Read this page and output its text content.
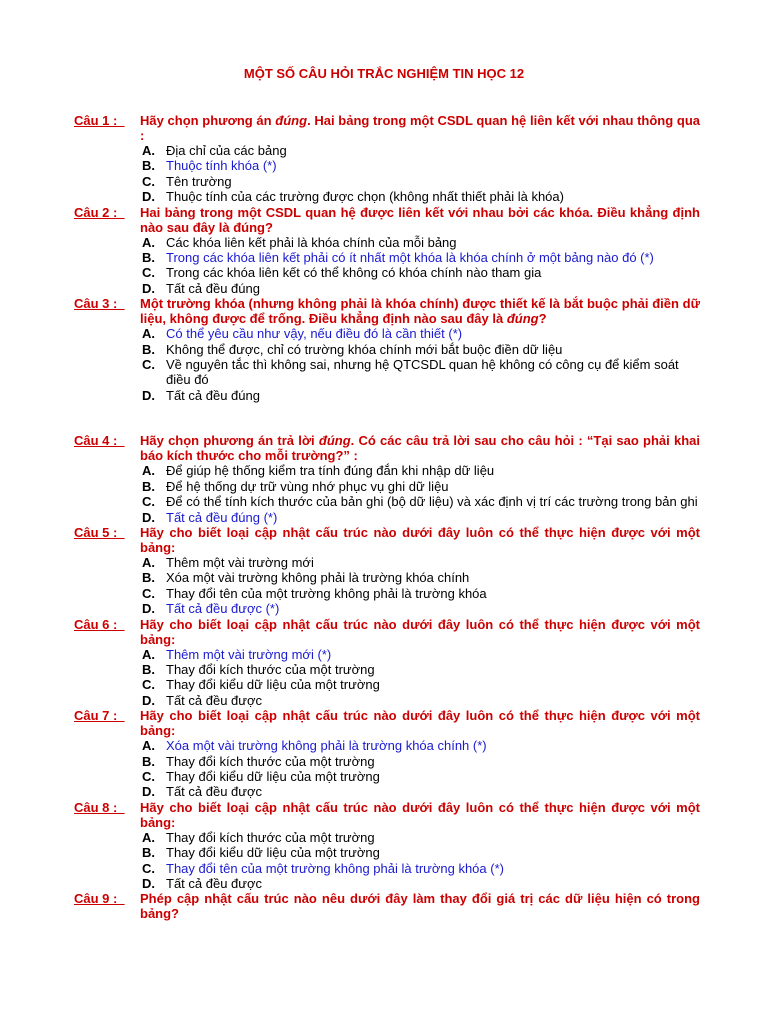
MỘT SỐ CÂU HỎI TRẮC NGHIỆM TIN HỌC 12
Câu 1 :	Hãy chọn phương án đúng. Hai bảng trong một CSDL quan hệ liên kết với nhau thông qua :
A. Địa chỉ của các bảng
B. Thuộc tính khóa (*)
C. Tên trường
D. Thuộc tính của các trường được chọn (không nhất thiết phải là khóa)
Câu 2 :	Hai bảng trong một CSDL quan hệ được liên kết với nhau bởi các khóa. Điều khẳng định nào sau đây là đúng?
A. Các khóa liên kết phải là khóa chính của mỗi bảng
B. Trong các khóa liên kết phải có ít nhất một khóa là khóa chính ở một bảng nào đó (*)
C. Trong các khóa liên kết có thể không có khóa chính nào tham gia
D. Tất cả đều đúng
Câu 3 :	Một trường khóa (nhưng không phải là khóa chính) được thiết kế là bắt buộc phải điền dữ liệu, không được để trống. Điều khẳng định nào sau đây là đúng?
A. Có thể yêu cầu như vậy, nếu điều đó là cần thiết (*)
B. Không thể được, chỉ có trường khóa chính mới bắt buộc điền dữ liệu
C. Về nguyên tắc thì không sai, nhưng hệ QTCSDL quan hệ không có công cụ để kiểm soát điều đó
D. Tất cả đều đúng
Câu 4 :	Hãy chọn phương án trả lời đúng. Có các câu trả lời sau cho câu hỏi : “Tại sao phải khai báo kích thước cho mỗi trường?” :
A. Để giúp hệ thống kiểm tra tính đúng đắn khi nhập dữ liệu
B. Để hệ thống dự trữ vùng nhớ phục vụ ghi dữ liệu
C. Để có thể tính kích thước của bản ghi (bộ dữ liệu) và xác định vị trí các trường trong bản ghi
D. Tất cả đều đúng (*)
Câu 5 :	Hãy cho biết loại cập nhật cấu trúc nào dưới đây luôn có thể thực hiện được với một bảng:
A. Thêm một vài trường mới
B. Xóa một vài trường không phải là trường khóa chính
C. Thay đổi tên của một trường không phải là trường khóa
D. Tất cả đều được (*)
Câu 6 :	Hãy cho biết loại cập nhật cấu trúc nào dưới đây luôn có thể thực hiện được với một bảng:
A. Thêm một vài trường mới (*)
B. Thay đổi kích thước của một trường
C. Thay đổi kiểu dữ liệu của một trường
D. Tất cả đều được
Câu 7 :	Hãy cho biết loại cập nhật cấu trúc nào dưới đây luôn có thể thực hiện được với một bảng:
A. Xóa một vài trường không phải là trường khóa chính (*)
B. Thay đổi kích thước của một trường
C. Thay đổi kiểu dữ liệu của một trường
D. Tất cả đều được
Câu 8 :	Hãy cho biết loại cập nhật cấu trúc nào dưới đây luôn có thể thực hiện được với một bảng:
A. Thay đổi kích thước của một trường
B. Thay đổi kiểu dữ liệu của một trường
C. Thay đổi tên của một trường không phải là trường khóa (*)
D. Tất cả đều được
Câu 9 :	Phép cập nhật cấu trúc nào nêu dưới đây làm thay đổi giá trị các dữ liệu hiện có trong bảng?
